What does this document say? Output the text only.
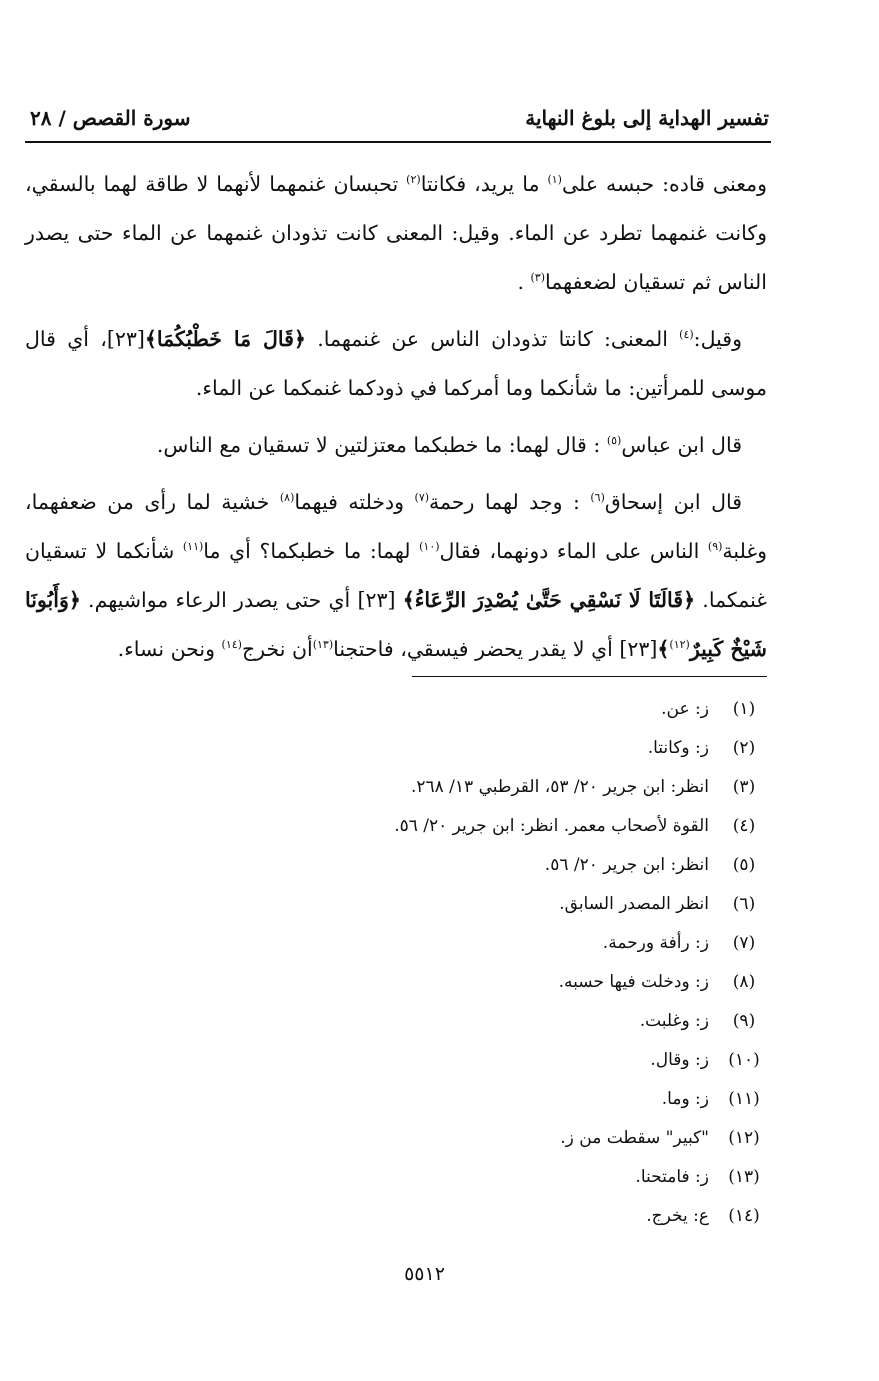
تفسير الهداية إلى بلوغ النهاية
سورة القصص / ٢٨

ومعنى قاده: حبسه على$^{(١)}$ ما يريد، فكانتا$^{(٢)}$ تحبسان غنمهما لأنهما لا طاقة لهما بالسقي، وكانت غنمهما تطرد عن الماء. وقيل: المعنى كانت تذودان غنمهما عن الماء حتى يصدر الناس ثم تسقيان لضعفهما$^{(٣)}$ .

وقيل:$^{(٤)}$ المعنى: كانتا تذودان الناس عن غنمهما. ﴿قَالَ مَا خَطْبُكُمَا﴾[٢٣]، أي قال موسى للمرأتين: ما شأنكما وما أمركما في ذودكما غنمكما عن الماء.

قال ابن عباس$^{(٥)}$ : قال لهما: ما خطبكما معتزلتين لا تسقيان مع الناس.

قال ابن إسحاق$^{(٦)}$ : وجد لهما رحمة$^{(٧)}$ ودخلته فيهما$^{(٨)}$ خشية لما رأى من ضعفهما، وغلبة$^{(٩)}$ الناس على الماء دونهما، فقال$^{(١٠)}$ لهما: ما خطبكما؟ أي ما$^{(١١)}$ شأنكما لا تسقيان غنمكما. ﴿قَالَتَا لَا نَسْقِي حَتَّىٰ يُصْدِرَ الرِّعَاءُ﴾ [٢٣] أي حتى يصدر الرعاء مواشيهم. ﴿وَأَبُونَا شَيْخٌ كَبِيرٌ$^{(١٢)}$﴾[٢٣] أي لا يقدر يحضر فيسقي، فاحتجنا$^{(١٣)}$أن نخرج$^{(١٤)}$ ونحن نساء.

(١)
ز: عن.
(٢)
ز: وكانتا.
(٣)
انظر: ابن جرير ٢٠/ ٥٣، القرطبي ١٣/ ٢٦٨.
(٤)
القوة لأصحاب معمر. انظر: ابن جرير ٢٠/ ٥٦.
(٥)
انظر: ابن جرير ٢٠/ ٥٦.
(٦)
انظر المصدر السابق.
(٧)
ز: رأفة ورحمة.
(٨)
ز: ودخلت فيها حسبه.
(٩)
ز: وغلبت.
(١٠)
ز: وقال.
(١١)
ز: وما.
(١٢)
"كبير" سقطت من ز.
(١٣)
ز: فامتحنا.
(١٤)
ع: يخرج.
٥٥١٢
